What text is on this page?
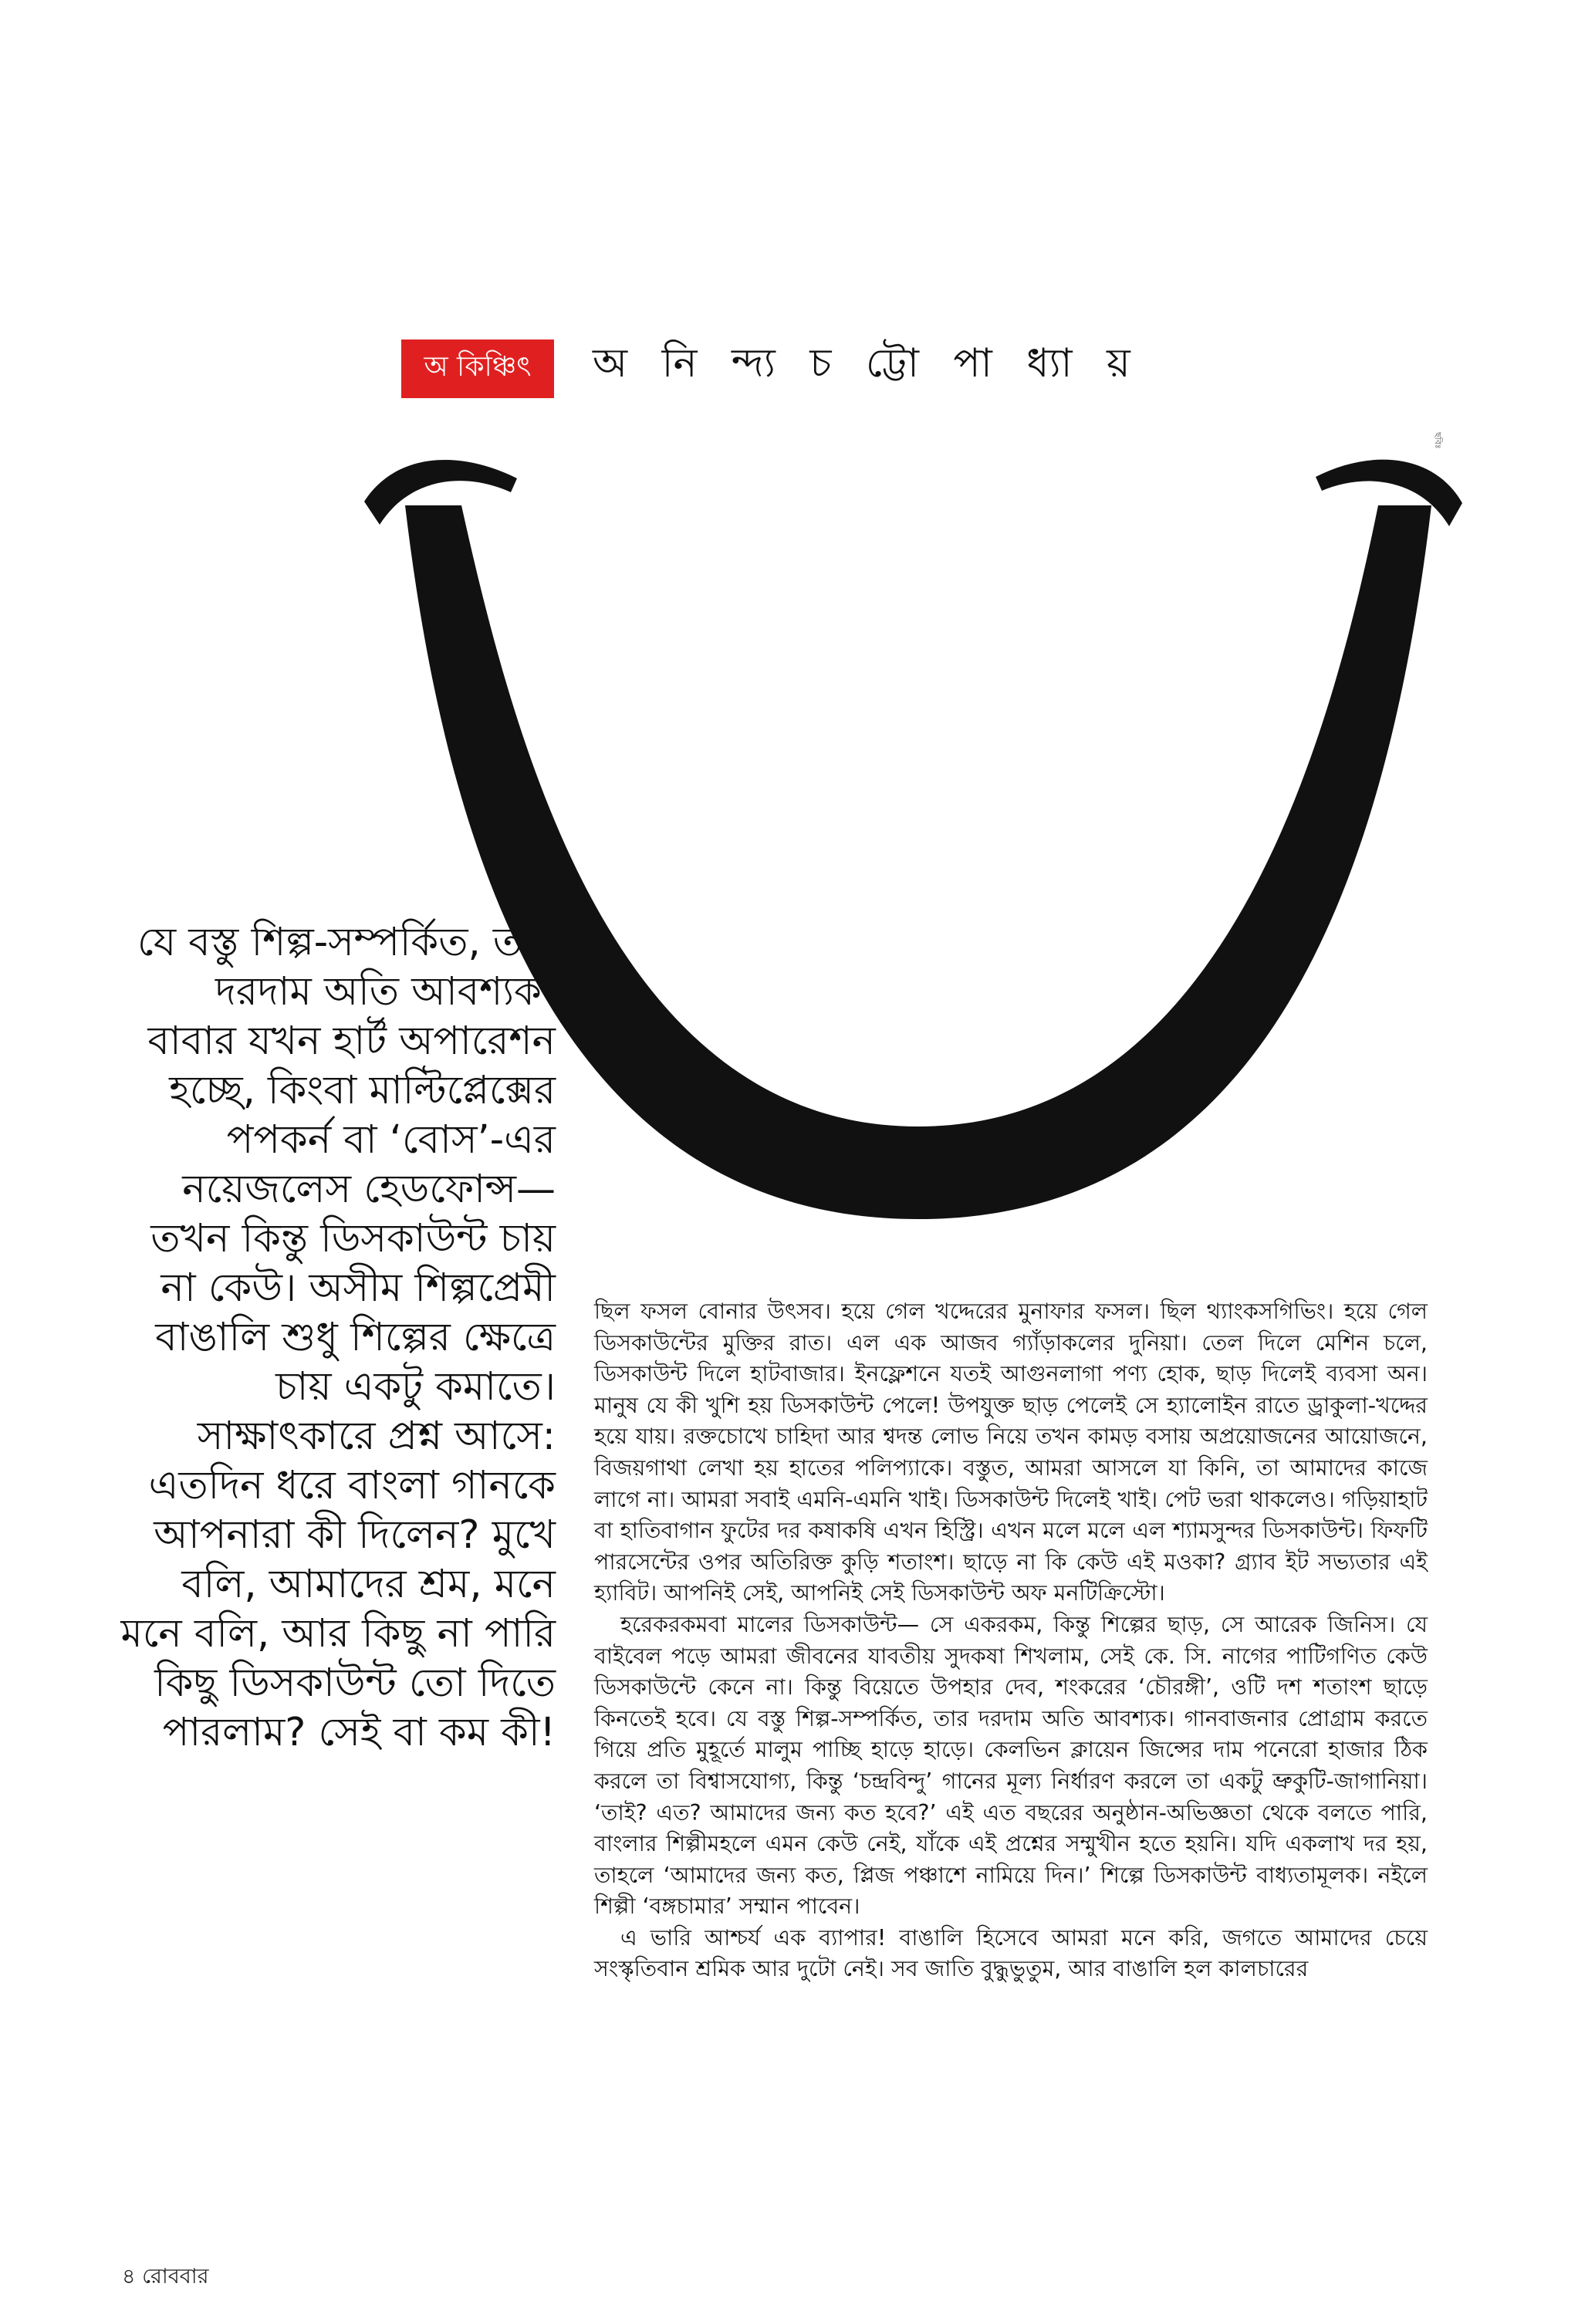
অ কিঞ্চিৎ অ নি ন্দ্য চ ট্টো পা ধ্যা য়
ছবিঃ
যে বস্তু শিল্প-সম্পর্কিত, তার দরদাম অতি আবশ্যক। বাবার যখন হার্ট অপারেশন হচ্ছে, কিংবা মাল্টিপ্লেক্সের পপকর্ন বা ‘বোস’-এর নয়েজলেস হেডফোন্স— তখন কিন্তু ডিসকাউন্ট চায় না কেউ। অসীম শিল্পপ্রেমী বাঙালি শুধু শিল্পের ক্ষেত্রে চায় একটু কমাতে। সাক্ষাৎকারে প্রশ্ন আসে: এতদিন ধরে বাংলা গানকে আপনারা কী দিলেন? মুখে বলি, আমাদের শ্রম, মনে মনে বলি, আর কিছু না পারি কিছু ডিসকাউন্ট তো দিতে পারলাম? সেই বা কম কী!

ছিল ফসল বোনার উৎসব। হয়ে গেল খদ্দেরের মুনাফার ফসল। ছিল থ্যাংকসগিভিং। হয়ে গেল ডিসকাউন্টের মুক্তির রাত। এল এক আজব গ্যাঁড়াকলের দুনিয়া। তেল দিলে মেশিন চলে, ডিসকাউন্ট দিলে হাটবাজার। ইনফ্লেশনে যতই আগুনলাগা পণ্য হোক, ছাড় দিলেই ব্যবসা অন। মানুষ যে কী খুশি হয় ডিসকাউন্ট পেলে! উপযুক্ত ছাড় পেলেই সে হ্যালোইন রাতে ড্রাকুলা-খদ্দের হয়ে যায়। রক্তচোখে চাহিদা আর শ্বদন্ত লোভ নিয়ে তখন কামড় বসায় অপ্রয়োজনের আয়োজনে, বিজয়গাথা লেখা হয় হাতের পলিপ্যাকে। বস্তুত, আমরা আসলে যা কিনি, তা আমাদের কাজে লাগে না। আমরা সবাই এমনি-এমনি খাই। ডিসকাউন্ট দিলেই খাই। পেট ভরা থাকলেও। গড়িয়াহাট বা হাতিবাগান ফুটের দর কষাকষি এখন হিস্ট্রি। এখন মলে মলে এল শ্যামসুন্দর ডিসকাউন্ট। ফিফটি পারসেন্টের ওপর অতিরিক্ত কুড়ি শতাংশ। ছাড়ে না কি কেউ এই মওকা? গ্র্যাব ইট সভ্যতার এই হ্যাবিট। আপনিই সেই, আপনিই সেই ডিসকাউন্ট অফ মনটিক্রিস্টো।

হরেকরকমবা মালের ডিসকাউন্ট— সে একরকম, কিন্তু শিল্পের ছাড়, সে আরেক জিনিস। যে বাইবেল পড়ে আমরা জীবনের যাবতীয় সুদকষা শিখলাম, সেই কে. সি. নাগের পাটিগণিত কেউ ডিসকাউন্টে কেনে না। কিন্তু বিয়েতে উপহার দেব, শংকরের ‘চৌরঙ্গী’, ওটি দশ শতাংশ ছাড়ে কিনতেই হবে। যে বস্তু শিল্প-সম্পর্কিত, তার দরদাম অতি আবশ্যক। গানবাজনার প্রোগ্রাম করতে গিয়ে প্রতি মুহূর্তে মালুম পাচ্ছি হাড়ে হাড়ে। কেলভিন ক্লায়েন জিন্সের দাম পনেরো হাজার ঠিক করলে তা বিশ্বাসযোগ্য, কিন্তু ‘চন্দ্রবিন্দু’ গানের মূল্য নির্ধারণ করলে তা একটু ভ্রুকুটি-জাগানিয়া। ‘তাই? এত? আমাদের জন্য কত হবে?’ এই এত বছরের অনুষ্ঠান-অভিজ্ঞতা থেকে বলতে পারি, বাংলার শিল্পীমহলে এমন কেউ নেই, যাঁকে এই প্রশ্নের সম্মুখীন হতে হয়নি। যদি একলাখ দর হয়, তাহলে ‘আমাদের জন্য কত, প্লিজ পঞ্চাশে নামিয়ে দিন।’ শিল্পে ডিসকাউন্ট বাধ্যতামূলক। নইলে শিল্পী ‘বঙ্গচামার’ সম্মান পাবেন।

এ ভারি আশ্চর্য এক ব্যাপার! বাঙালি হিসেবে আমরা মনে করি, জগতে আমাদের চেয়ে সংস্কৃতিবান শ্রমিক আর দুটো নেই। সব জাতি বুদ্ধুভুতুম, আর বাঙালি হল কালচারের

৪ রোববার
